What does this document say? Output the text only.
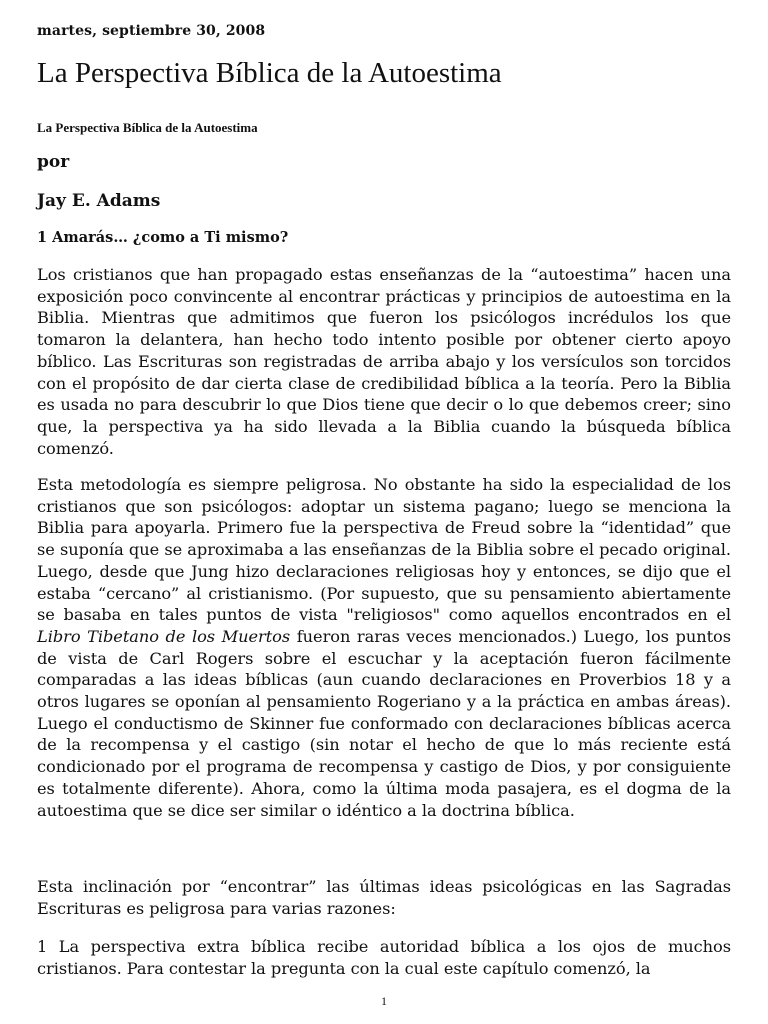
martes, septiembre 30, 2008
La Perspectiva Bíblica de la Autoestima
La Perspectiva Bíblica de la Autoestima
por
Jay E. Adams
1 Amarás… ¿como a Ti mismo?

Los cristianos que han propagado estas enseñanzas de la “autoestima” hacen una exposición poco convincente al encontrar prácticas y principios de autoestima en la Biblia. Mientras que admitimos que fueron los psicólogos incrédulos los que tomaron la delantera, han hecho todo intento posible por obtener cierto apoyo bíblico. Las Escrituras son registradas de arriba abajo y los versículos son torcidos con el propósito de dar cierta clase de credibilidad bíblica a la teoría. Pero la Biblia es usada no para descubrir lo que Dios tiene que decir o lo que debemos creer; sino que, la perspectiva ya ha sido llevada a la Biblia cuando la búsqueda bíblica comenzó.

Esta metodología es siempre peligrosa. No obstante ha sido la especialidad de los cristianos que son psicólogos: adoptar un sistema pagano; luego se menciona la Biblia para apoyarla. Primero fue la perspectiva de Freud sobre la “identidad” que se suponía que se aproximaba a las enseñanzas de la Biblia sobre el pecado original. Luego, desde que Jung hizo declaraciones religiosas hoy y entonces, se dijo que el estaba “cercano” al cristianismo. (Por supuesto, que su pensamiento abiertamente se basaba en tales puntos de vista "religiosos" como aquellos encontrados en el Libro Tibetano de los Muertos fueron raras veces mencionados.) Luego, los puntos de vista de Carl Rogers sobre el escuchar y la aceptación fueron fácilmente comparadas a las ideas bíblicas (aun cuando declaraciones en Proverbios 18 y a otros lugares se oponían al pensamiento Rogeriano y a la práctica en ambas áreas). Luego el conductismo de Skinner fue conformado con declaraciones bíblicas acerca de la recompensa y el castigo (sin notar el hecho de que lo más reciente está condicionado por el programa de recompensa y castigo de Dios, y por consiguiente es totalmente diferente). Ahora, como la última moda pasajera, es el dogma de la autoestima que se dice ser similar o idéntico a la doctrina bíblica.

Esta inclinación por “encontrar” las últimas ideas psicológicas en las Sagradas Escrituras es peligrosa para varias razones:

1 La perspectiva extra bíblica recibe autoridad bíblica a los ojos de muchos cristianos. Para contestar la pregunta con la cual este capítulo comenzó, la

1
